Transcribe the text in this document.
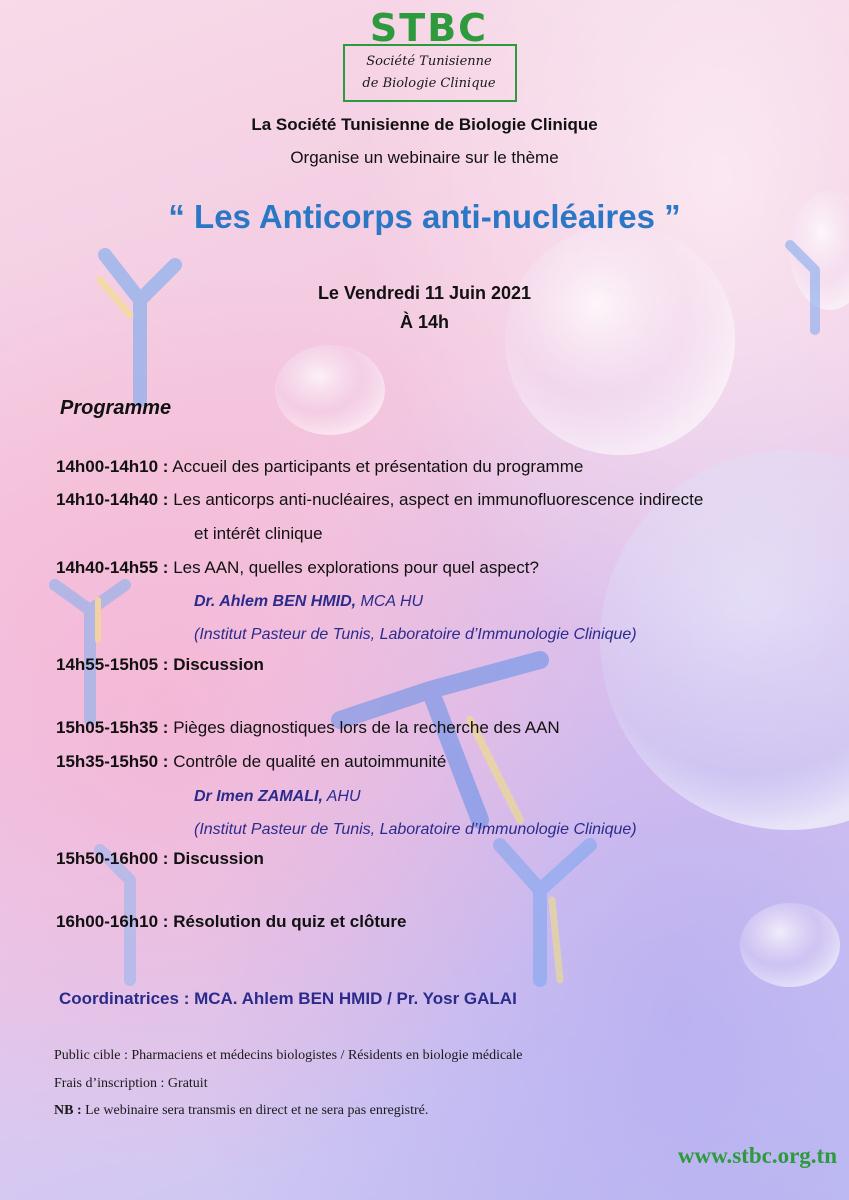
STBC
Société Tunisienne
de Biologie Clinique
La Société Tunisienne de Biologie Clinique
Organise un webinaire sur le thème
“ Les Anticorps anti-nucléaires ”
Le Vendredi 11 Juin 2021
À 14h
Programme
14h00-14h10 : Accueil des participants et présentation du programme
14h10-14h40 : Les anticorps anti-nucléaires, aspect en immunofluorescence indirecte
et intérêt clinique
14h40-14h55 : Les AAN, quelles explorations pour quel aspect?
Dr. Ahlem BEN HMID, MCA HU
(Institut Pasteur de Tunis, Laboratoire d’Immunologie Clinique)
14h55-15h05 : Discussion
15h05-15h35 : Pièges diagnostiques lors de la recherche des AAN
15h35-15h50 : Contrôle de qualité en autoimmunité
Dr Imen ZAMALI, AHU
(Institut Pasteur de Tunis, Laboratoire d’Immunologie Clinique)
15h50-16h00 : Discussion
16h00-16h10 : Résolution du quiz et clôture
Coordinatrices : MCA. Ahlem BEN HMID / Pr. Yosr GALAI
Public cible : Pharmaciens et médecins biologistes / Résidents en biologie médicale
Frais d’inscription : Gratuit
NB : Le webinaire sera transmis en direct et ne sera pas enregistré.
www.stbc.org.tn
